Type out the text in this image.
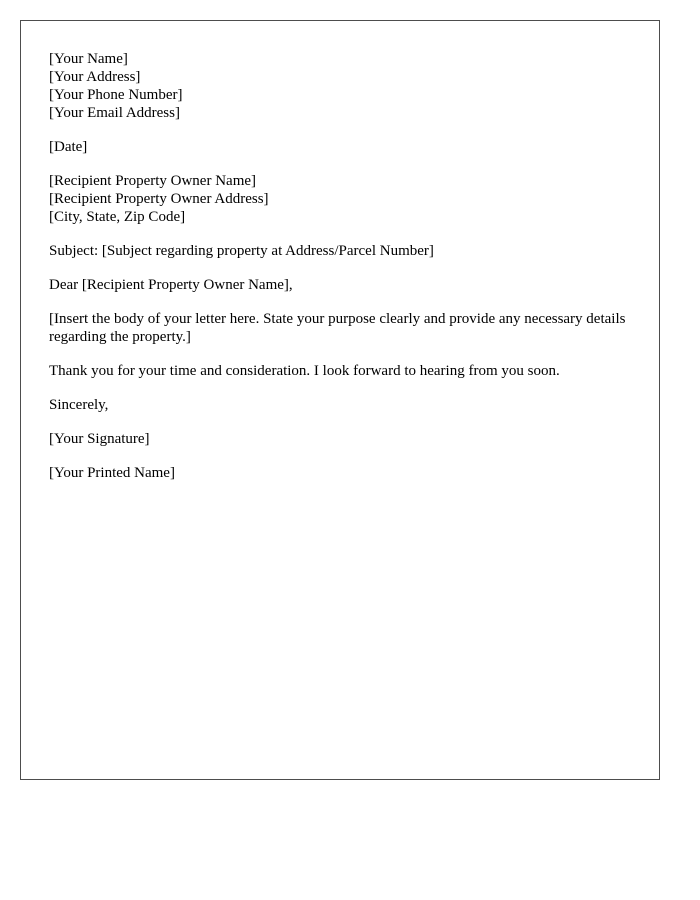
[Your Name]
[Your Address]
[Your Phone Number]
[Your Email Address]
[Date]
[Recipient Property Owner Name]
[Recipient Property Owner Address]
[City, State, Zip Code]

Subject: [Subject regarding property at Address/Parcel Number]

Dear [Recipient Property Owner Name],

[Insert the body of your letter here. State your purpose clearly and provide any necessary details regarding the property.]

Thank you for your time and consideration. I look forward to hearing from you soon.

Sincerely,

[Your Signature]

[Your Printed Name]
